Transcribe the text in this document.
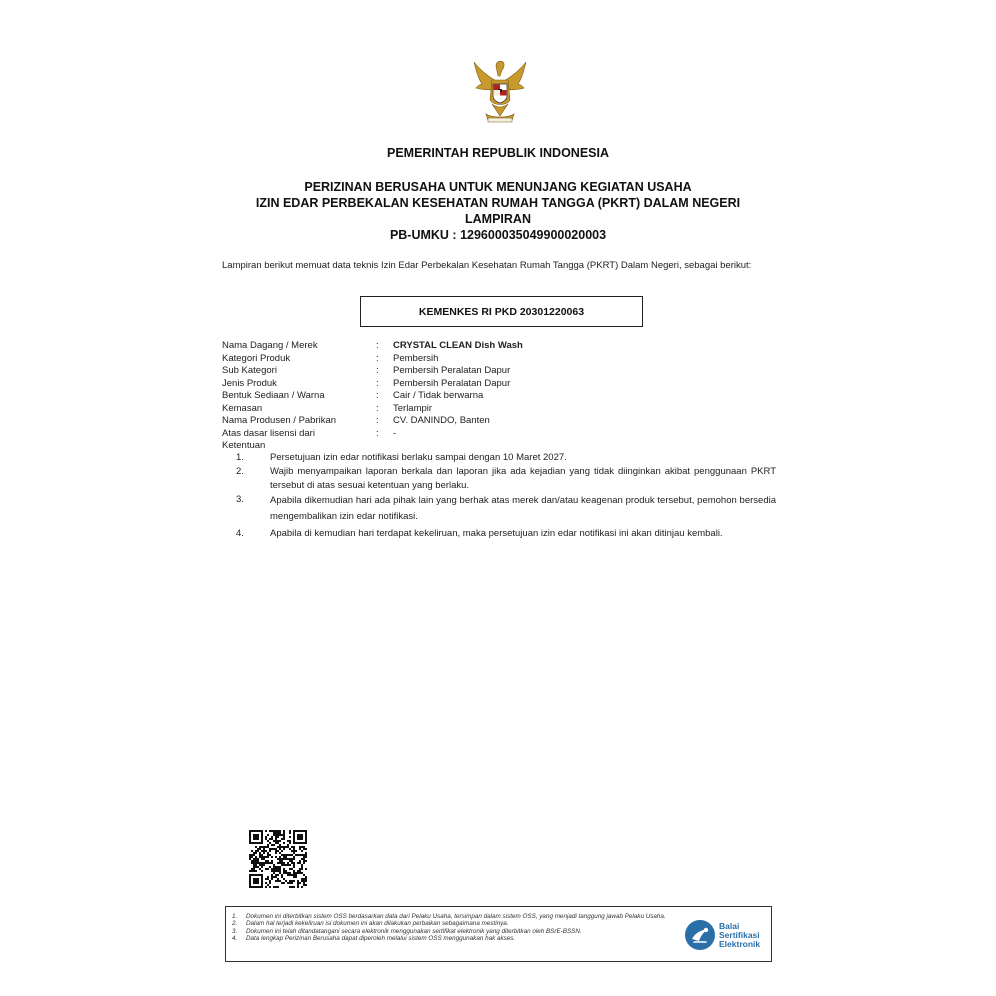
PEMERINTAH REPUBLIK INDONESIA
PERIZINAN BERUSAHA UNTUK MENUNJANG KEGIATAN USAHA
IZIN EDAR PERBEKALAN KESEHATAN RUMAH TANGGA (PKRT) DALAM NEGERI
LAMPIRAN
PB-UMKU : 129600035049900020003
Lampiran berikut memuat data teknis Izin Edar Perbekalan Kesehatan Rumah Tangga (PKRT) Dalam Negeri, sebagai berikut:
KEMENKES RI PKD 20301220063
Nama Dagang / Merek	:	CRYSTAL CLEAN Dish Wash
Kategori Produk	:	Pembersih
Sub Kategori	:	Pembersih Peralatan Dapur
Jenis Produk	:	Pembersih Peralatan Dapur
Bentuk Sediaan / Warna	:	Cair / Tidak berwarna
Kemasan	:	Terlampir
Nama Produsen / Pabrikan	:	CV. DANINDO, Banten
Atas dasar lisensi dari	:	-
Ketentuan
1.	Persetujuan izin edar notifikasi berlaku sampai dengan 10 Maret 2027.
2.	Wajib menyampaikan laporan berkala dan laporan jika ada kejadian yang tidak diinginkan akibat penggunaan PKRT tersebut di atas sesuai ketentuan yang berlaku.
3.	Apabila dikemudian hari ada pihak lain yang berhak atas merek dan/atau keagenan produk tersebut, pemohon bersedia mengembalikan izin edar notifikasi.
4.	Apabila di kemudian hari terdapat kekeliruan, maka persetujuan izin edar notifikasi ini akan ditinjau kembali.
1.	Dokumen ini diterbitkan sistem OSS berdasarkan data dari Pelaku Usaha, tersimpan dalam sistem OSS, yang menjadi tanggung jawab Pelaku Usaha.
2.	Dalam hal terjadi kekeliruan isi dokumen ini akan dilakukan perbaikan sebagaimana mestinya.
3.	Dokumen ini telah ditandatangani secara elektronik menggunakan sertifikat elektronik yang diterbitkan oleh BSrE-BSSN.
4.	Data lengkap Perizinan Berusaha dapat diperoleh melalui sistem OSS menggunakan hak akses.
Balai
Sertifikasi
Elektronik
